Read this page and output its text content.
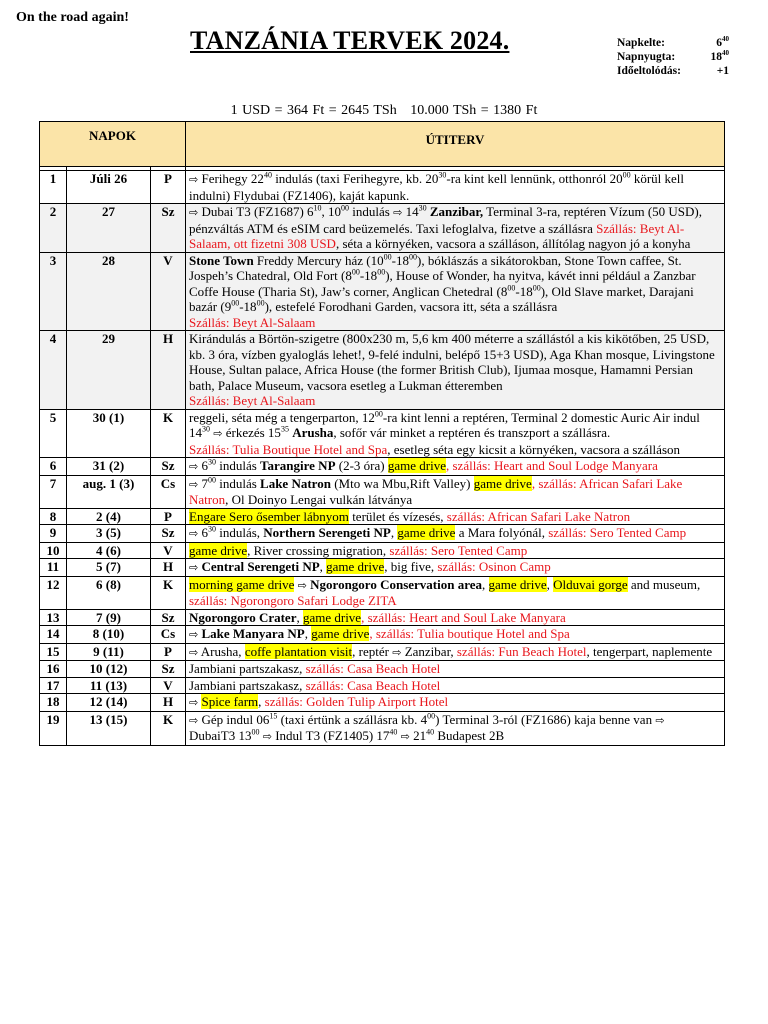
On the road again!
TANZÁNIA TERVEK 2024.	Napkelte:	$6^{40}$
Napnyugta:	$18^{40}$
Időeltolódás:	+1
1 USD = 364 Ft = 2645 TSh   10.000 TSh = 1380 Ft
NAPOK			ÚTITERV

1	Júli 26	P	⇨ Ferihegy $22^{40}$ indulás (taxi Ferihegyre, kb. $20^{30}-ra$ kint kell lennünk, otthonról $20^{00}$ körül kell indulni) Flydubai (FZ1406), kaját kapunk.
2	27	Sz	⇨ Dubai T3 (FZ1687) $6^{10}$, $10^{00}$ indulás ⇨ $14^{30}$ Zanzibar, Terminal 3-ra, reptéren Vízum (50 USD), pénzváltás ATM és eSIM card beüzemelés. Taxi lefoglalva, fizetve a szállásra Szállás: Beyt Al-Salaam, ott fizetni 308 USD, séta a környéken, vacsora a szálláson, állítólag nagyon jó a konyha
3	28	V	Stone Town Freddy Mercury ház $(10^{00}-18^{00})$, bóklászás a sikátorokban, Stone Town caffee, St. Jospeh’s Chatedral, Old Fort $(8^{00}-18^{00})$, House of Wonder, ha nyitva, kávét inni például a Zanzbar Coffe House (Tharia St), Jaw’s corner, Anglican Chetedral $(8^{00}-18^{00})$, Old Slave market, Darajani bazár $(9^{00}-18^{00})$, estefelé Forodhani Garden, vacsora itt, séta a szállásra
Szállás: Beyt Al-Salaam
4	29	H	Kirándulás a Börtön-szigetre (800x230 m, 5,6 km 400 méterre a szállástól a kis kikötőben, 25 USD, kb. 3 óra, vízben gyaloglás lehet!, 9-felé indulni, belépő 15+3 USD), Aga Khan mosque, Livingstone House, Sultan palace, Africa House (the former British Club), Ijumaa mosque, Hamamni Persian bath, Palace Museum, vacsora esetleg a Lukman étteremben
Szállás: Beyt Al-Salaam
5	30 (1)	K	reggeli, séta még a tengerparton, $12^{00}-ra$ kint lenni a reptéren, Terminal 2 domestic Auric Air indul $14^{30}$ ⇨ érkezés $15^{35}$ Arusha, sofőr vár minket a reptéren és transzport a szállásra.
Szállás: Tulia Boutique Hotel and Spa, esetleg séta egy kicsit a környéken, vacsora a szálláson
6	31 (2)	Sz	⇨ $6^{30}$ indulás Tarangire NP (2-3 óra) game drive, szállás: Heart and Soul Lodge Manyara
7	aug. 1 (3)	Cs	⇨ $7^{00}$ indulás Lake Natron (Mto wa Mbu,Rift Valley) game drive, szállás: African Safari Lake Natron, Ol Doinyo Lengai vulkán látványa
8	2 (4)	P	Engare Sero ősember lábnyom terület és vízesés, szállás: African Safari Lake Natron
9	3 (5)	Sz	⇨ $6^{30}$ indulás, Northern Serengeti NP, game drive a Mara folyónál, szállás: Sero Tented Camp
10	4 (6)	V	game drive, River crossing migration, szállás: Sero Tented Camp
11	5 (7)	H	⇨ Central Serengeti NP, game drive, big five, szállás: Osinon Camp
12	6 (8)	K	morning game drive ⇨ Ngorongoro Conservation area, game drive, Olduvai gorge and museum, szállás: Ngorongoro Safari Lodge ZITA
13	7 (9)	Sz	Ngorongoro Crater, game drive, szállás: Heart and Soul Lake Manyara
14	8 (10)	Cs	⇨ Lake Manyara NP, game drive, szállás: Tulia boutique Hotel and Spa
15	9 (11)	P	⇨ Arusha, coffe plantation visit, reptér ⇨ Zanzibar, szállás: Fun Beach Hotel, tengerpart, naplemente
16	10 (12)	Sz	Jambiani partszakasz, szállás: Casa Beach Hotel
17	11 (13)	V	Jambiani partszakasz, szállás: Casa Beach Hotel
18	12 (14)	H	⇨ Spice farm, szállás: Golden Tulip Airport Hotel
19	13 (15)	K	⇨ Gép indul $06^{15}$ (taxi értünk a szállásra kb. $4^{00}$) Terminal 3-ról (FZ1686) kaja benne van ⇨
DubaiT3 $13^{00}$ ⇨ Indul T3 (FZ1405) $17^{40}$ ⇨ $21^{40}$ Budapest 2B
